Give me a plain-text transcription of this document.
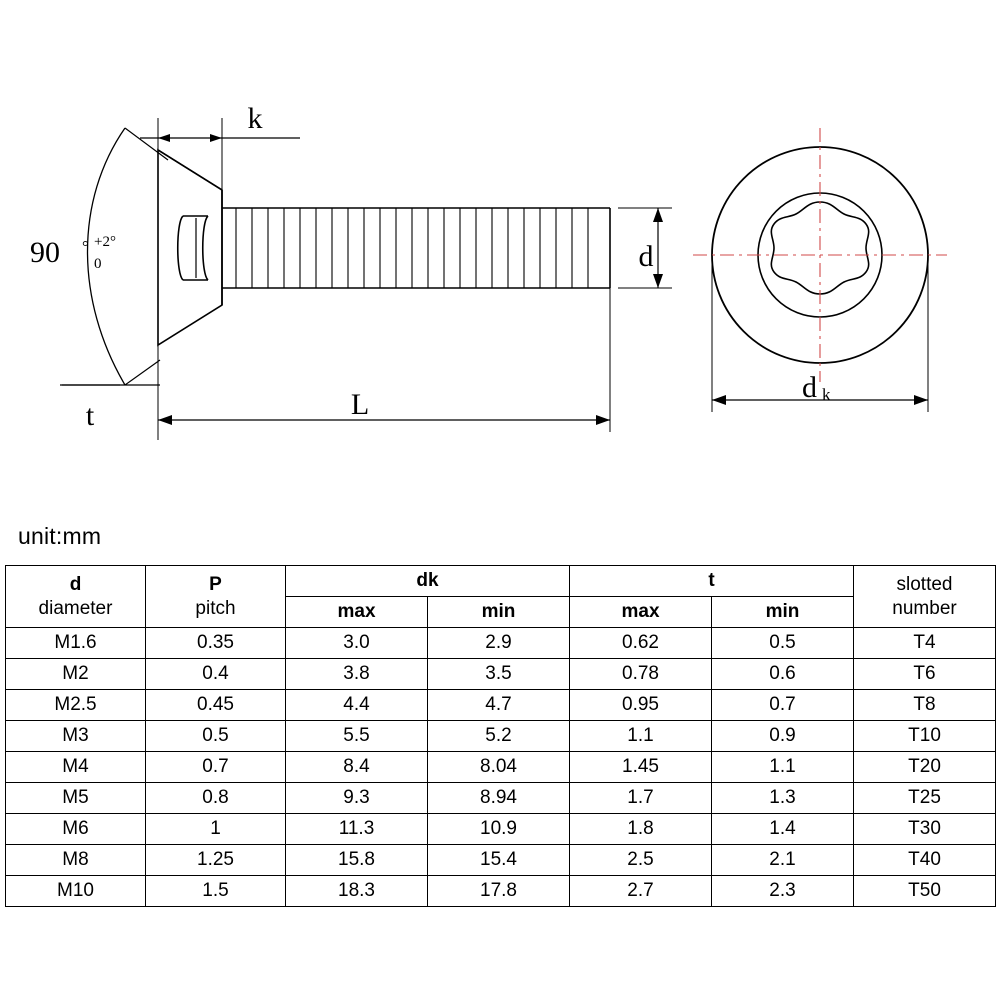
k
d
L
t
90 ° +2°
0
d k
unit:mm
d
diameter	P
pitch	dk		t		slotted
number

		max	min	max	min	
M1.6	0.35	3.0	2.9	0.62	0.5	T4
M2	0.4	3.8	3.5	0.78	0.6	T6
M2.5	0.45	4.4	4.7	0.95	0.7	T8
M3	0.5	5.5	5.2	1.1	0.9	T10
M4	0.7	8.4	8.04	1.45	1.1	T20
M5	0.8	9.3	8.94	1.7	1.3	T25
M6	1	11.3	10.9	1.8	1.4	T30
M8	1.25	15.8	15.4	2.5	2.1	T40
M10	1.5	18.3	17.8	2.7	2.3	T50
